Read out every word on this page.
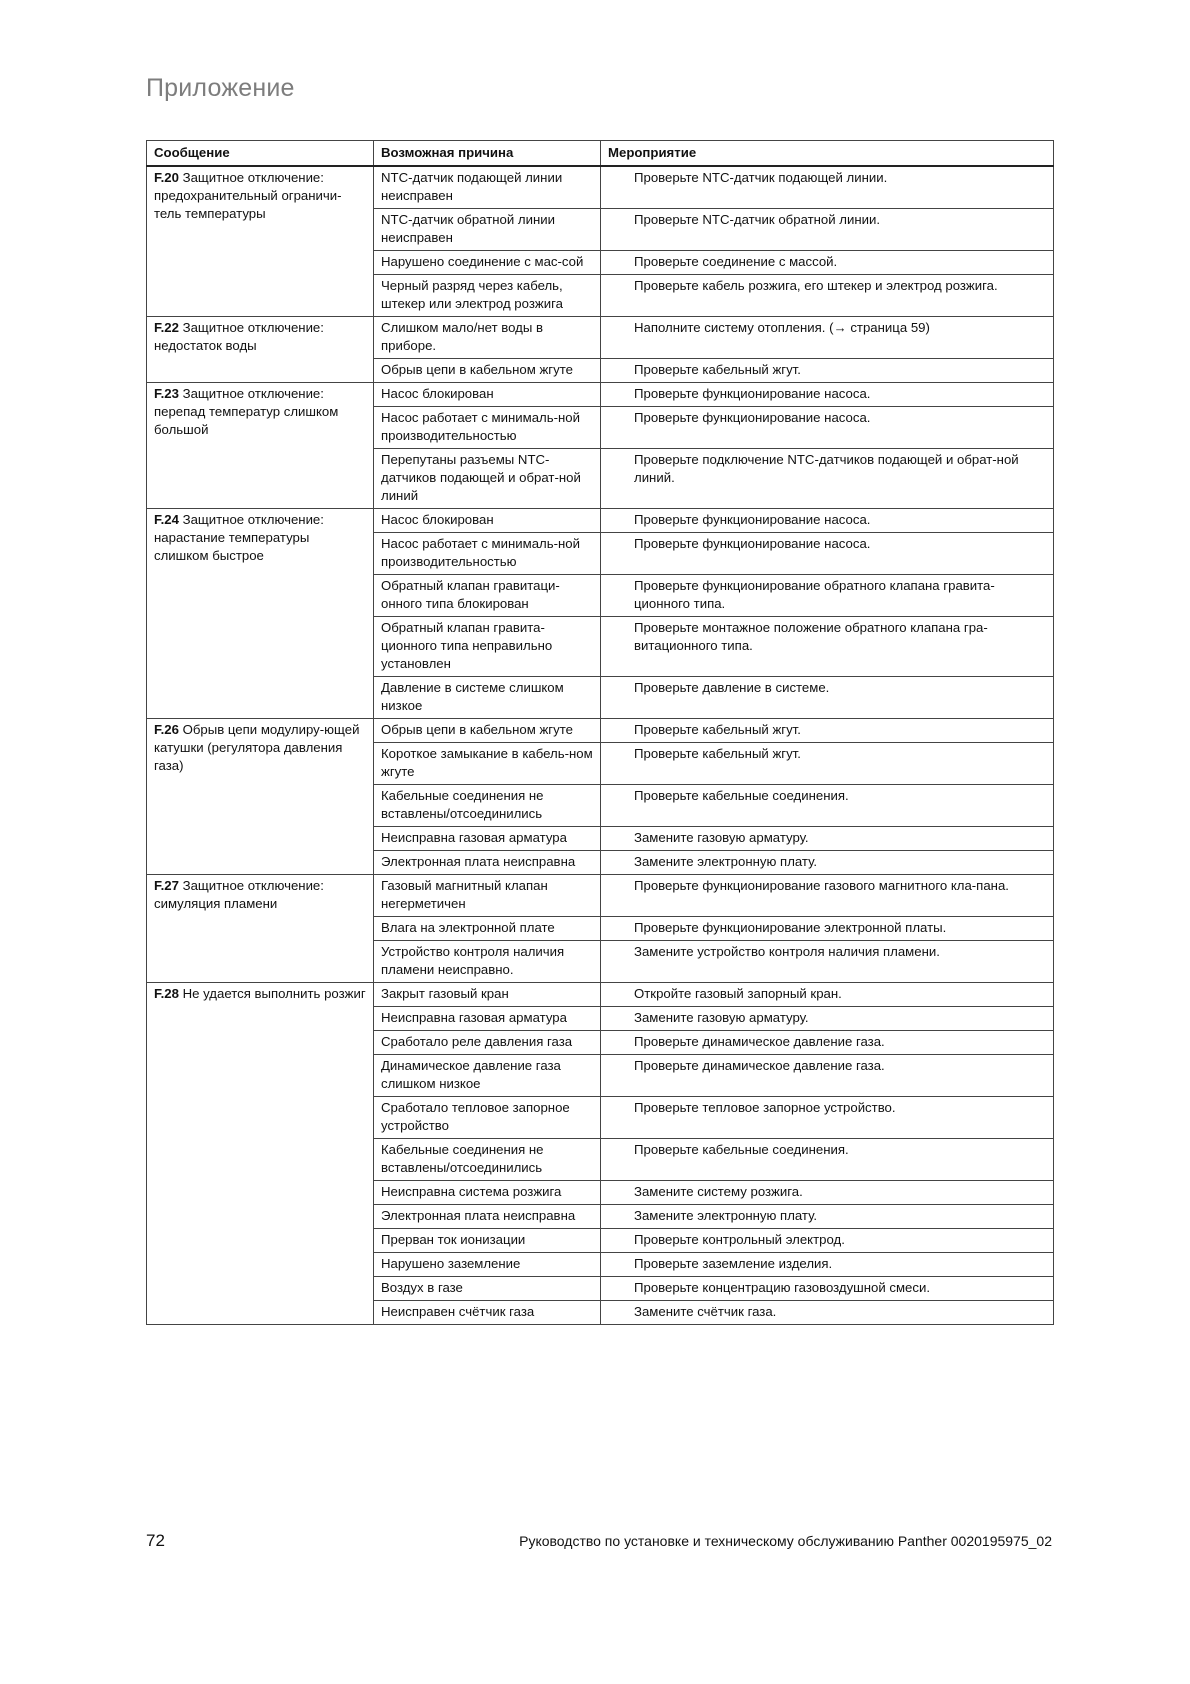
Приложение
Сообщение	Возможная причина	Мероприятие
F.20 Защитное отключение: предохранительный ограничи-тель температуры	NTC-датчик подающей линии неисправен	Проверьте NTC-датчик подающей линии.
	NTC-датчик обратной линии неисправен	Проверьте NTC-датчик обратной линии.
	Нарушено соединение с мас-сой	Проверьте соединение с массой.
	Черный разряд через кабель, штекер или электрод розжига	Проверьте кабель розжига, его штекер и электрод розжига.
F.22 Защитное отключение: недостаток воды	Слишком мало/нет воды в приборе.	Наполните систему отопления. (→ страница 59)
	Обрыв цепи в кабельном жгуте	Проверьте кабельный жгут.
F.23 Защитное отключение: перепад температур слишком большой	Насос блокирован	Проверьте функционирование насоса.
	Насос работает с минималь-ной производительностью	Проверьте функционирование насоса.
	Перепутаны разъемы NTC-датчиков подающей и обрат-ной линий	Проверьте подключение NTC-датчиков подающей и обрат-ной линий.
F.24 Защитное отключение: нарастание температуры слишком быстрое	Насос блокирован	Проверьте функционирование насоса.
	Насос работает с минималь-ной производительностью	Проверьте функционирование насоса.
	Обратный клапан гравитаци-онного типа блокирован	Проверьте функционирование обратного клапана гравита-ционного типа.
	Обратный клапан гравита-ционного типа неправильно установлен	Проверьте монтажное положение обратного клапана гра-витационного типа.
	Давление в системе слишком низкое	Проверьте давление в системе.
F.26 Обрыв цепи модулиру-ющей катушки (регулятора давления газа)	Обрыв цепи в кабельном жгуте	Проверьте кабельный жгут.
	Короткое замыкание в кабель-ном жгуте	Проверьте кабельный жгут.
	Кабельные соединения не вставлены/отсоединились	Проверьте кабельные соединения.
	Неисправна газовая арматура	Замените газовую арматуру.
	Электронная плата неисправна	Замените электронную плату.
F.27 Защитное отключение: симуляция пламени	Газовый магнитный клапан негерметичен	Проверьте функционирование газового магнитного кла-пана.
	Влага на электронной плате	Проверьте функционирование электронной платы.
	Устройство контроля наличия пламени неисправно.	Замените устройство контроля наличия пламени.
F.28 Не удается выполнить розжиг	Закрыт газовый кран	Откройте газовый запорный кран.
	Неисправна газовая арматура	Замените газовую арматуру.
	Сработало реле давления газа	Проверьте динамическое давление газа.
	Динамическое давление газа слишком низкое	Проверьте динамическое давление газа.
	Сработало тепловое запорное устройство	Проверьте тепловое запорное устройство.
	Кабельные соединения не вставлены/отсоединились	Проверьте кабельные соединения.
	Неисправна система розжига	Замените систему розжига.
	Электронная плата неисправна	Замените электронную плату.
	Прерван ток ионизации	Проверьте контрольный электрод.
	Нарушено заземление	Проверьте заземление изделия.
	Воздух в газе	Проверьте концентрацию газовоздушной смеси.
	Неисправен счётчик газа	Замените счётчик газа.
72	Руководство по установке и техническому обслуживанию Panther 0020195975_02
